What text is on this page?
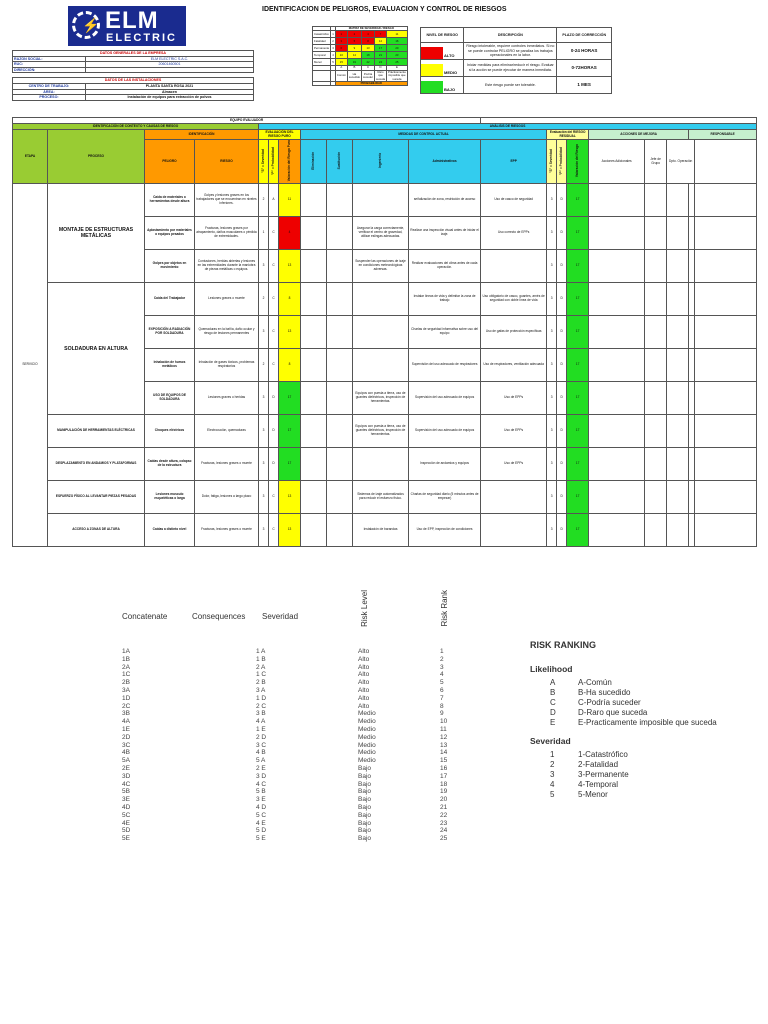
⚡ ELM
ELECTRIC
IDENTIFICACION DE PELIGROS, EVALUACION Y CONTROL DE RIESGOS
DATOS GENERALES DE LA EMPRESA	
RAZON SOCIAL:	ELM ELECTRIC S.A.C.
RUC:	20601460501
DIRECCIÓN:	

DATOS DE LAS INSTALACIONES	
CENTRO DE TRABAJO:	PLANTA SANTA ROSA 2021
ÁREA:	Almacen
PROCESO:	Instalación de equipos para extracción de polvos
		MATRIZ DE SEVERIDAD / RIESGO				
Catastrófico	1	1	2	4	7	11
Fatalidad	2	3	5	8	12	16
Permanente	3	6	9	13	17	20
Temporal	4	10	14	18	21	23
Menor	5	15	19	22	24	25
		A	B	C	D	E
		Común	Ha sucedido	Podría suceder	Raro que suceda	Prácticamente imposible que suceda
		PROBABILIDAD				
NIVEL DE RIESGO	DESCRIPCIÓN	PLAZO DE CORRECCIÓN

ALTO	Riesgo intolerable, requiere controles inmediatos. Si no se puede controlar PELIGRO se paraliza los trabajos operacionales en la labor.	0-24 HORAS

MEDIO	Iniciar medidas para eliminar/reducir el riesgo. Evaluar si la acción se puede ejecutar de manera inmediata.	0-72HORAS

BAJO	Este riesgo puede ser tolerable.	1 MES
EQUIPO EVALUADOR																			
IDENTIFICACIÓN DE CONTEXTO Y CAUSAS DE RIESGO				ANÁLISIS DE RIESGOS															
ETAPA	PROCESO	IDENTIFICACIÓN		EVALUACIÓN DEL RIESGO PURO			MEDIDAS DE CONTROL ACTUAL					Evaluación del RIESGO RESIDUAL			ACCIONES DE MEJORA			RESPONSABLE	
		PELIGRO	RIESGO	"S" = Severidad	"P" = Probabilidad	Valoración del Riesgo Puro	Eliminación	Sustitución	Ingeniería	Administrativos	EPP	"S" = Severidad	"P" = Probabilidad	Valoración del Riesgo	Acciones Adicionales	Jefe de Grupo	Dpto. Operación		
SERVICIO	MONTAJE DE ESTRUCTURAS METÁLICAS	Caída de materiales o herramientas desde altura	Golpes y lesiones graves en los trabajadores que se encuentran en niveles inferiores.	2	A	11				señalización de zona, restricción de acceso	Uso de casco de seguridad	3	D	17					
		Aplastamiento por materiales o equipos pesados	Fracturas, lesiones graves por atrapamiento, daños musculares o pérdida de extremidades.	1	C	4			Asegurar la carga correctamente, verificar el centro de gravedad, utilizar eslingas adecuadas.	Realizar una inspección visual antes de iniciar el izaje.	Uso correcto de EPPs	3	D	17					
		Golpes por objetos en movimiento	Contusiones, heridas abiertas y lesiones en las extremidades durante la maniobra de piezas metálicas o equipos.	3	C	13			Suspender las operaciones de izaje en condiciones meteorológicas adversas.	Realizar evaluaciones del clima antes de cada operación.		3	D	17					
	SOLDADURA EN ALTURA	Caída del Trabajador	Lesiones graves o muerte	2	C	8				Instalar líneas de vida y delimitar la zona de trabajo	Uso obligatorio de casco, guantes, arnés de seguridad con doble línea de vida	3	D	17					
		EXPOSICIÓN A RADIACIÓN POR SOLDADURA	Quemaduras en la bañía, daño ocular y riesgo de lesiones permanentes	3	C	13				Charlas de seguridad informativa sobre uso del equipo	Uso de gafas de protección específicas	3	D	17					
		Inhalación de humos metálicos	Inhalación de gases tóxicos, problemas respiratorios	2	C	8				Supervisión del uso adecuado de respiradores	Uso de respiradores, ventilación adecuada	3	D	17					
		USO DE EQUIPOS DE SOLDADURA	Lesiones graves o heridas	3	D	17			Equipos con puesta a tierra, uso de guantes dieléctricos, inspección de herramientas.	Supervisión del uso adecuado de equipos	Uso de EPPs	3	D	17					
	MANIPULACIÓN DE HERRAMIENTAS ELÉCTRICAS	Choques eléctricos	Electrocución, quemaduras	3	D	17			Equipos con puesta a tierra, uso de guantes dieléctricos, inspección de herramientas.	Supervisión del uso adecuado de equipos	Uso de EPPs	3	D	17					
	DESPLAZAMIENTO EN ANDAMIOS Y PLATAFORMAS	Caídas desde altura, colapso de la estructura	Fracturas, lesiones graves o muerte	3	D	17				Inspección de andamios y equipos	Uso de EPPs	3	D	17					
	ESFUERZO FÍSICO AL LEVANTAR PIEZAS PESADAS	Lesiones musculo esqueléticas o larga	Dolor, fatiga, lesiones a largo plazo	3	C	13			Sistemas de izaje automatizados para reducir el esfuerzo físico.	Charlas de seguridad diario (5 minutos antes de empezar)		3	D	17					
	ACCESO A ZONAS DE ALTURA	Caídas a distinto nivel	Fracturas, lesiones graves o muerte	3	C	13			Instalación de barandas	Uso de EPP, inspección de condiciones		3	D	17					
Concatenate	Consequences Severidad	Risk Level	Risk Rank
1A	1 A	Alto	1
1B	1 B	Alto	2
2A	2 A	Alto	3
1C	1 C	Alto	4
2B	2 B	Alto	5
3A	3 A	Alto	6
1D	1 D	Alto	7
2C	2 C	Alto	8
3B	3 B	Medio	9
4A	4 A	Medio	10
1E	1 E	Medio	11
2D	2 D	Medio	12
3C	3 C	Medio	13
4B	4 B	Medio	14
5A	5 A	Medio	15
2E	2 E	Bajo	16
3D	3 D	Bajo	17
4C	4 C	Bajo	18
5B	5 B	Bajo	19
3E	3 E	Bajo	20
4D	4 D	Bajo	21
5C	5 C	Bajo	22
4E	4 E	Bajo	23
5D	5 D	Bajo	24
5E	5 E	Bajo	25
RISK RANKING
Likelihood
A	A-Común
B	B-Ha sucedido
C	C-Podría suceder
D	D-Raro que suceda
E	E-Practicamente imposible que suceda
Severidad
1	1-Catastrófico
2	2-Fatalidad
3	3-Permanente
4	4-Temporal
5	5-Menor
